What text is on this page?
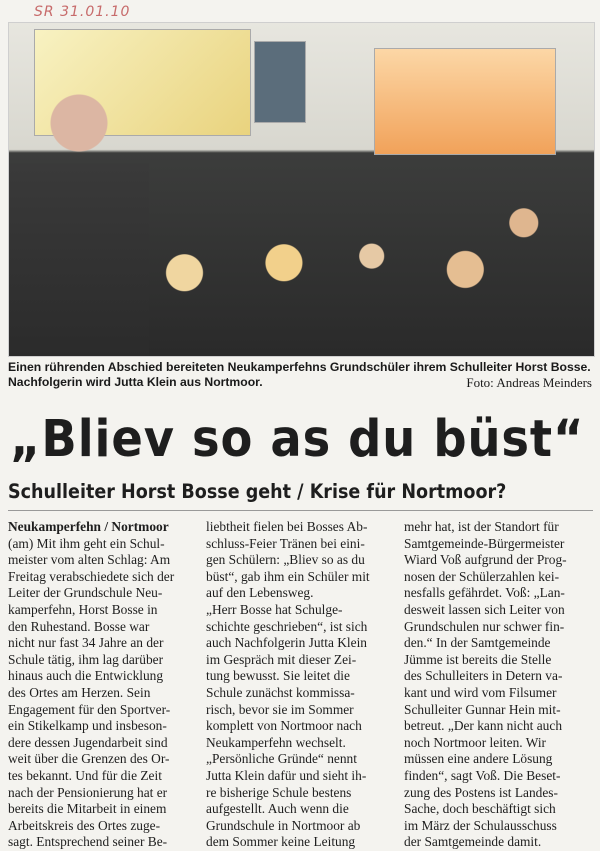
SR 31.01.10
Einen rührenden Abschied bereiteten Neukamperfehns Grundschüler ihrem Schulleiter Horst Bosse. Nachfolgerin wird Jutta Klein aus Nortmoor.	Foto: Andreas Meinders
„Bliev so as du büst“
Schulleiter Horst Bosse geht / Krise für Nortmoor?
Neukamperfehn / Nortmoor
(am) Mit ihm geht ein Schul-
meister vom alten Schlag: Am
Freitag verabschiedete sich der
Leiter der Grundschule Neu-
kamperfehn, Horst Bosse in
den Ruhestand. Bosse war
nicht nur fast 34 Jahre an der
Schule tätig, ihm lag darüber
hinaus auch die Entwicklung
des Ortes am Herzen. Sein
Engagement für den Sportver-
ein Stikelkamp und insbeson-
dere dessen Jugendarbeit sind
weit über die Grenzen des Or-
tes bekannt. Und für die Zeit
nach der Pensionierung hat er
bereits die Mitarbeit in einem
Arbeitskreis des Ortes zuge-
sagt. Entsprechend seiner Be-
liebtheit fielen bei Bosses Ab-
schluss-Feier Tränen bei eini-
gen Schülern: „Bliev so as du
büst“, gab ihm ein Schüler mit
auf den Lebensweg.
„Herr Bosse hat Schulge-
schichte geschrieben“, ist sich
auch Nachfolgerin Jutta Klein
im Gespräch mit dieser Zei-
tung bewusst. Sie leitet die
Schule zunächst kommissa-
risch, bevor sie im Sommer
komplett von Nortmoor nach
Neukamperfehn wechselt.
„Persönliche Gründe“ nennt
Jutta Klein dafür und sieht ih-
re bisherige Schule bestens
aufgestellt. Auch wenn die
Grundschule in Nortmoor ab
dem Sommer keine Leitung
mehr hat, ist der Standort für
Samtgemeinde-Bürgermeister
Wiard Voß aufgrund der Prog-
nosen der Schülerzahlen kei-
nesfalls gefährdet. Voß: „Lan-
desweit lassen sich Leiter von
Grundschulen nur schwer fin-
den.“ In der Samtgemeinde
Jümme ist bereits die Stelle
des Schulleiters in Detern va-
kant und wird vom Filsumer
Schulleiter Gunnar Hein mit-
betreut. „Der kann nicht auch
noch Nortmoor leiten. Wir
müssen eine andere Lösung
finden“, sagt Voß. Die Beset-
zung des Postens ist Landes-
Sache, doch beschäftigt sich
im März der Schulausschuss
der Samtgemeinde damit.
